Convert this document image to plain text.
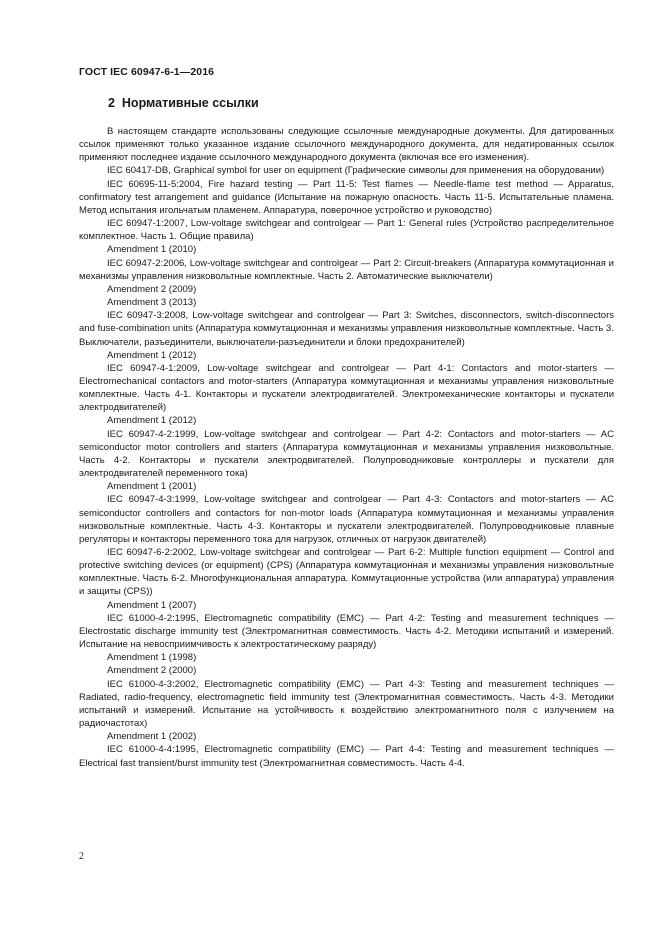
ГОСТ IEC 60947-6-1—2016
2 Нормативные ссылки

В настоящем стандарте использованы следующие ссылочные международные документы. Для датированных ссылок применяют только указанное издание ссылочного международного документа, для недатированных ссылок применяют последнее издание ссылочного международного документа (включая все его изменения).

IEC 60417-DB, Graphical symbol for user on equipment (Графические символы для применения на оборудовании)

IEC 60695-11-5:2004, Fire hazard testing — Part 11-5: Test flames — Needle-flame test method — Apparatus, confirmatory test arrangement and guidance (Испытание на пожарную опасность. Часть 11-5. Испытательные пламена. Метод испытания игольчатым пламенем. Аппаратура, поверочное устройство и руководство)

IEC 60947-1:2007, Low-voltage switchgear and controlgear — Part 1: General rules (Устройство распределительное комплектное. Часть 1. Общие правила)

Amendment 1 (2010)

IEC 60947-2:2006, Low-voltage switchgear and controlgear — Part 2: Circuit-breakers (Аппаратура коммутационная и механизмы управления низковольтные комплектные. Часть 2. Автоматические выключатели)

Amendment 2 (2009)

Amendment 3 (2013)

IEC 60947-3:2008, Low-voltage switchgear and controlgear — Part 3: Switches, disconnectors, switch-disconnectors and fuse-combination units (Аппаратура коммутационная и механизмы управления низковольтные комплектные. Часть 3. Выключатели, разъединители, выключатели-разъединители и блоки предохранителей)

Amendment 1 (2012)

IEC 60947-4-1:2009, Low-voltage switchgear and controlgear — Part 4-1: Contactors and motor-starters — Electromechanical contactors and motor-starters (Аппаратура коммутационная и механизмы управления низковольтные комплектные. Часть 4-1. Контакторы и пускатели электродвигателей. Электромеханические контакторы и пускатели электродвигателей)

Amendment 1 (2012)

IEC 60947-4-2:1999, Low-voltage switchgear and controlgear — Part 4-2: Contactors and motor-starters — AC semiconductor motor controllers and starters (Аппаратура коммутационная и механизмы управления низковольтные. Часть 4-2. Контакторы и пускатели электродвигателей. Полупроводниковые контроллеры и пускатели для электродвигателей переменного тока)

Amendment 1 (2001)

IEC 60947-4-3:1999, Low-voltage switchgear and controlgear — Part 4-3: Contactors and motor-starters — AC semiconductor controllers and contactors for non-motor loads (Аппаратура коммутационная и механизмы управления низковольтные комплектные. Часть 4-3. Контакторы и пускатели электродвигателей. Полупроводниковые плавные регуляторы и контакторы переменного тока для нагрузок, отличных от нагрузок двигателей)

IEC 60947-6-2:2002, Low-voltage switchgear and controlgear — Part 6-2: Multiple function equipment — Control and protective switching devices (or equipment) (CPS) (Аппаратура коммутационная и механизмы управления низковольтные комплектные. Часть 6-2. Многофункциональная аппаратура. Коммутационные устройства (или аппаратура) управления и защиты (CPS))

Amendment 1 (2007)

IEC 61000-4-2:1995, Electromagnetic compatibility (EMC) — Part 4-2: Testing and measurement techniques — Electrostatic discharge immunity test (Электромагнитная совместимость. Часть 4-2. Методики испытаний и измерений. Испытание на невосприимчивость к электростатическому разряду)

Amendment 1 (1998)

Amendment 2 (2000)

IEC 61000-4-3:2002, Electromagnetic compatibility (EMC) — Part 4-3: Testing and measurement techniques — Radiated, radio-frequency, electromagnetic field immunity test (Электромагнитная совместимость. Часть 4-3. Методики испытаний и измерений. Испытание на устойчивость к воздействию электромагнитного поля с излучением на радиочастотах)

Amendment 1 (2002)

IEC 61000-4-4:1995, Electromagnetic compatibility (EMC) — Part 4-4: Testing and measurement techniques — Electrical fast transient/burst immunity test (Электромагнитная совместимость. Часть 4-4.

2
